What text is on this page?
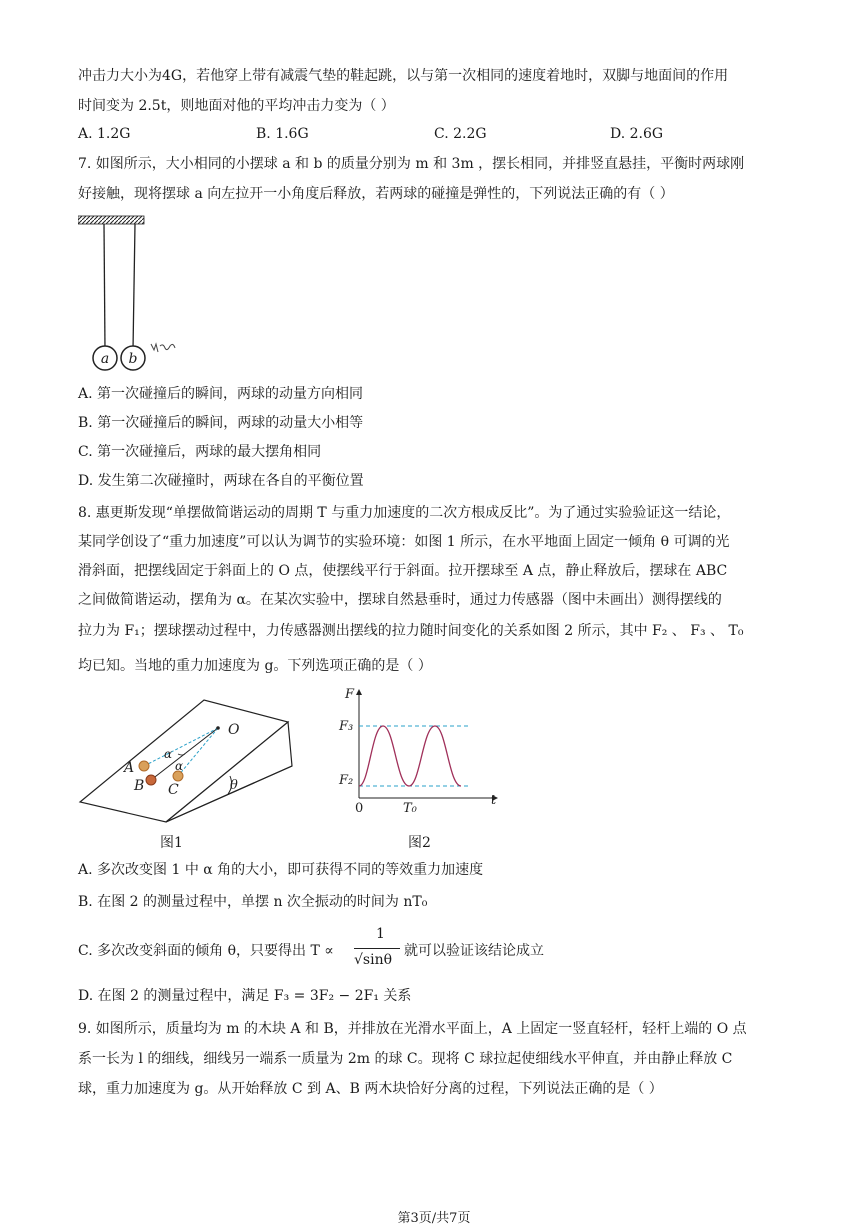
冲击力大小为4G，若他穿上带有减震气垫的鞋起跳，以与第一次相同的速度着地时，双脚与地面间的作用
时间变为 2.5t，则地面对他的平均冲击力变为（ ）
A. 1.2G	B. 1.6G	C. 2.2G	D. 2.6G
7. 如图所示，大小相同的小摆球 a 和 b 的质量分别为 m 和 3m ，摆长相同，并排竖直悬挂，平衡时两球刚
好接触，现将摆球 a 向左拉开一小角度后释放，若两球的碰撞是弹性的，下列说法正确的有（ ）
a b
A. 第一次碰撞后的瞬间，两球的动量方向相同
B. 第一次碰撞后的瞬间，两球的动量大小相等
C. 第一次碰撞后，两球的最大摆角相同
D. 发生第二次碰撞时，两球在各自的平衡位置
8. 惠更斯发现“单摆做简谐运动的周期 T 与重力加速度的二次方根成反比”。为了通过实验验证这一结论，
某同学创设了“重力加速度”可以认为调节的实验环境：如图 1 所示，在水平地面上固定一倾角 θ 可调的光
滑斜面，把摆线固定于斜面上的 O 点，使摆线平行于斜面。拉开摆球至 A 点，静止释放后，摆球在 ABC
之间做简谐运动，摆角为 α。在某次实验中，摆球自然悬垂时，通过力传感器（图中未画出）测得摆线的
拉力为 F₁；摆球摆动过程中，力传感器测出摆线的拉力随时间变化的关系如图 2 所示，其中 F₂ 、 F₃ 、 T₀
均已知。当地的重力加速度为 g。下列选项正确的是（ ）
O
A
B C
α
α
θ
图1
F
t
F₃
F₂
0	T₀
图2
A. 多次改变图 1 中 α 角的大小，即可获得不同的等效重力加速度
B. 在图 2 的测量过程中，单摆 n 次全振动的时间为 nT₀
C. 多次改变斜面的倾角 θ，只要得出 T ∝
1
√sinθ
就可以验证该结论成立
D. 在图 2 的测量过程中，满足 F₃ = 3F₂ − 2F₁ 关系
9. 如图所示，质量均为 m 的木块 A 和 B，并排放在光滑水平面上，A 上固定一竖直轻杆，轻杆上端的 O 点
系一长为 l 的细线，细线另一端系一质量为 2m 的球 C。现将 C 球拉起使细线水平伸直，并由静止释放 C
球，重力加速度为 g。从开始释放 C 到 A、B 两木块恰好分离的过程，下列说法正确的是（ ）
第3页/共7页
